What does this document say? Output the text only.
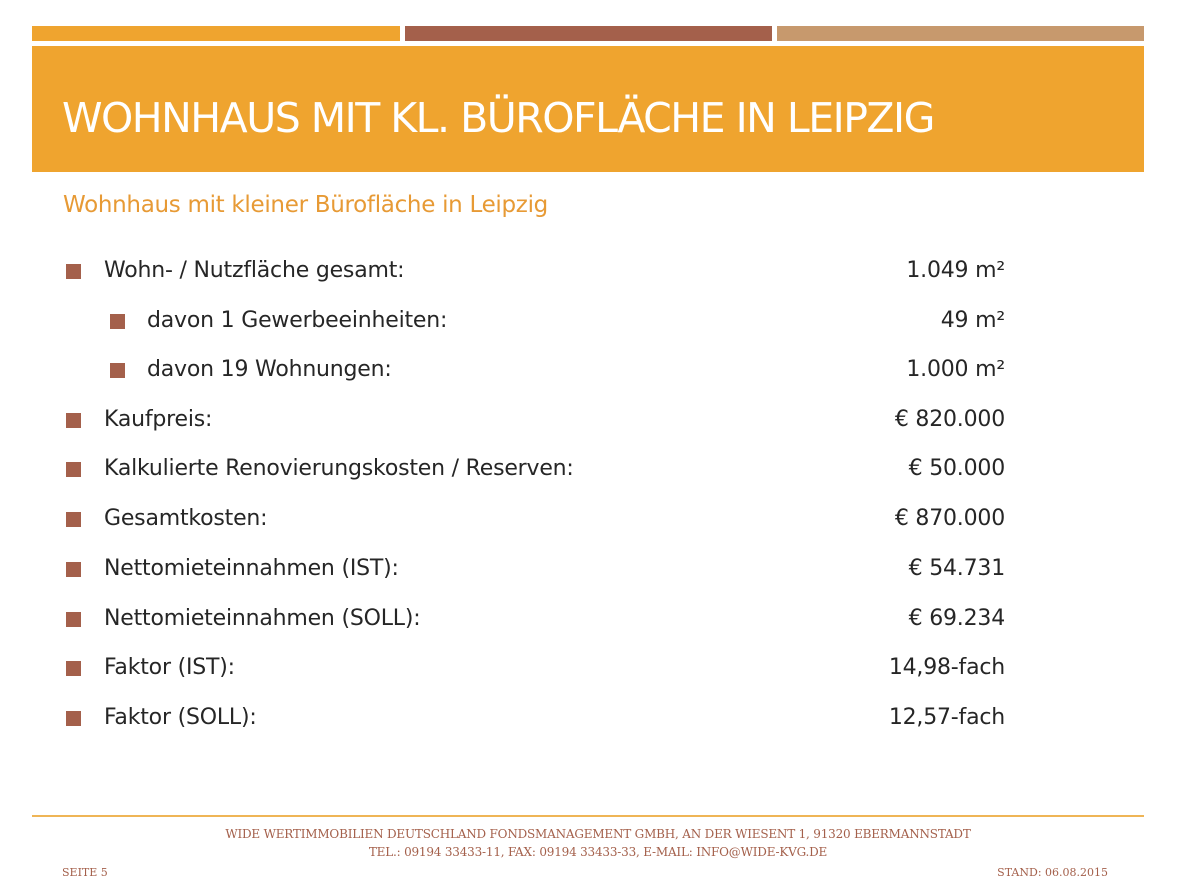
WOHNHAUS MIT KL. BÜROFLÄCHE IN LEIPZIG
Wohnhaus mit kleiner Bürofläche in Leipzig
Wohn- / Nutzfläche gesamt:	1.049 m²
davon 1 Gewerbeeinheiten:	49 m²
davon 19 Wohnungen:	1.000 m²
Kaufpreis:	€ 820.000
Kalkulierte Renovierungskosten / Reserven:	€ 50.000
Gesamtkosten:	€ 870.000
Nettomieteinnahmen (IST):	€ 54.731
Nettomieteinnahmen (SOLL):	€ 69.234
Faktor (IST):	14,98-fach
Faktor (SOLL):	12,57-fach
WIDE WERTIMMOBILIEN DEUTSCHLAND FONDSMANAGEMENT GMBH, AN DER WIESENT 1, 91320 EBERMANNSTADT
TEL.: 09194 33433-11, FAX: 09194 33433-33, E-MAIL: INFO@WIDE-KVG.DE
SEITE 5	STAND: 06.08.2015
